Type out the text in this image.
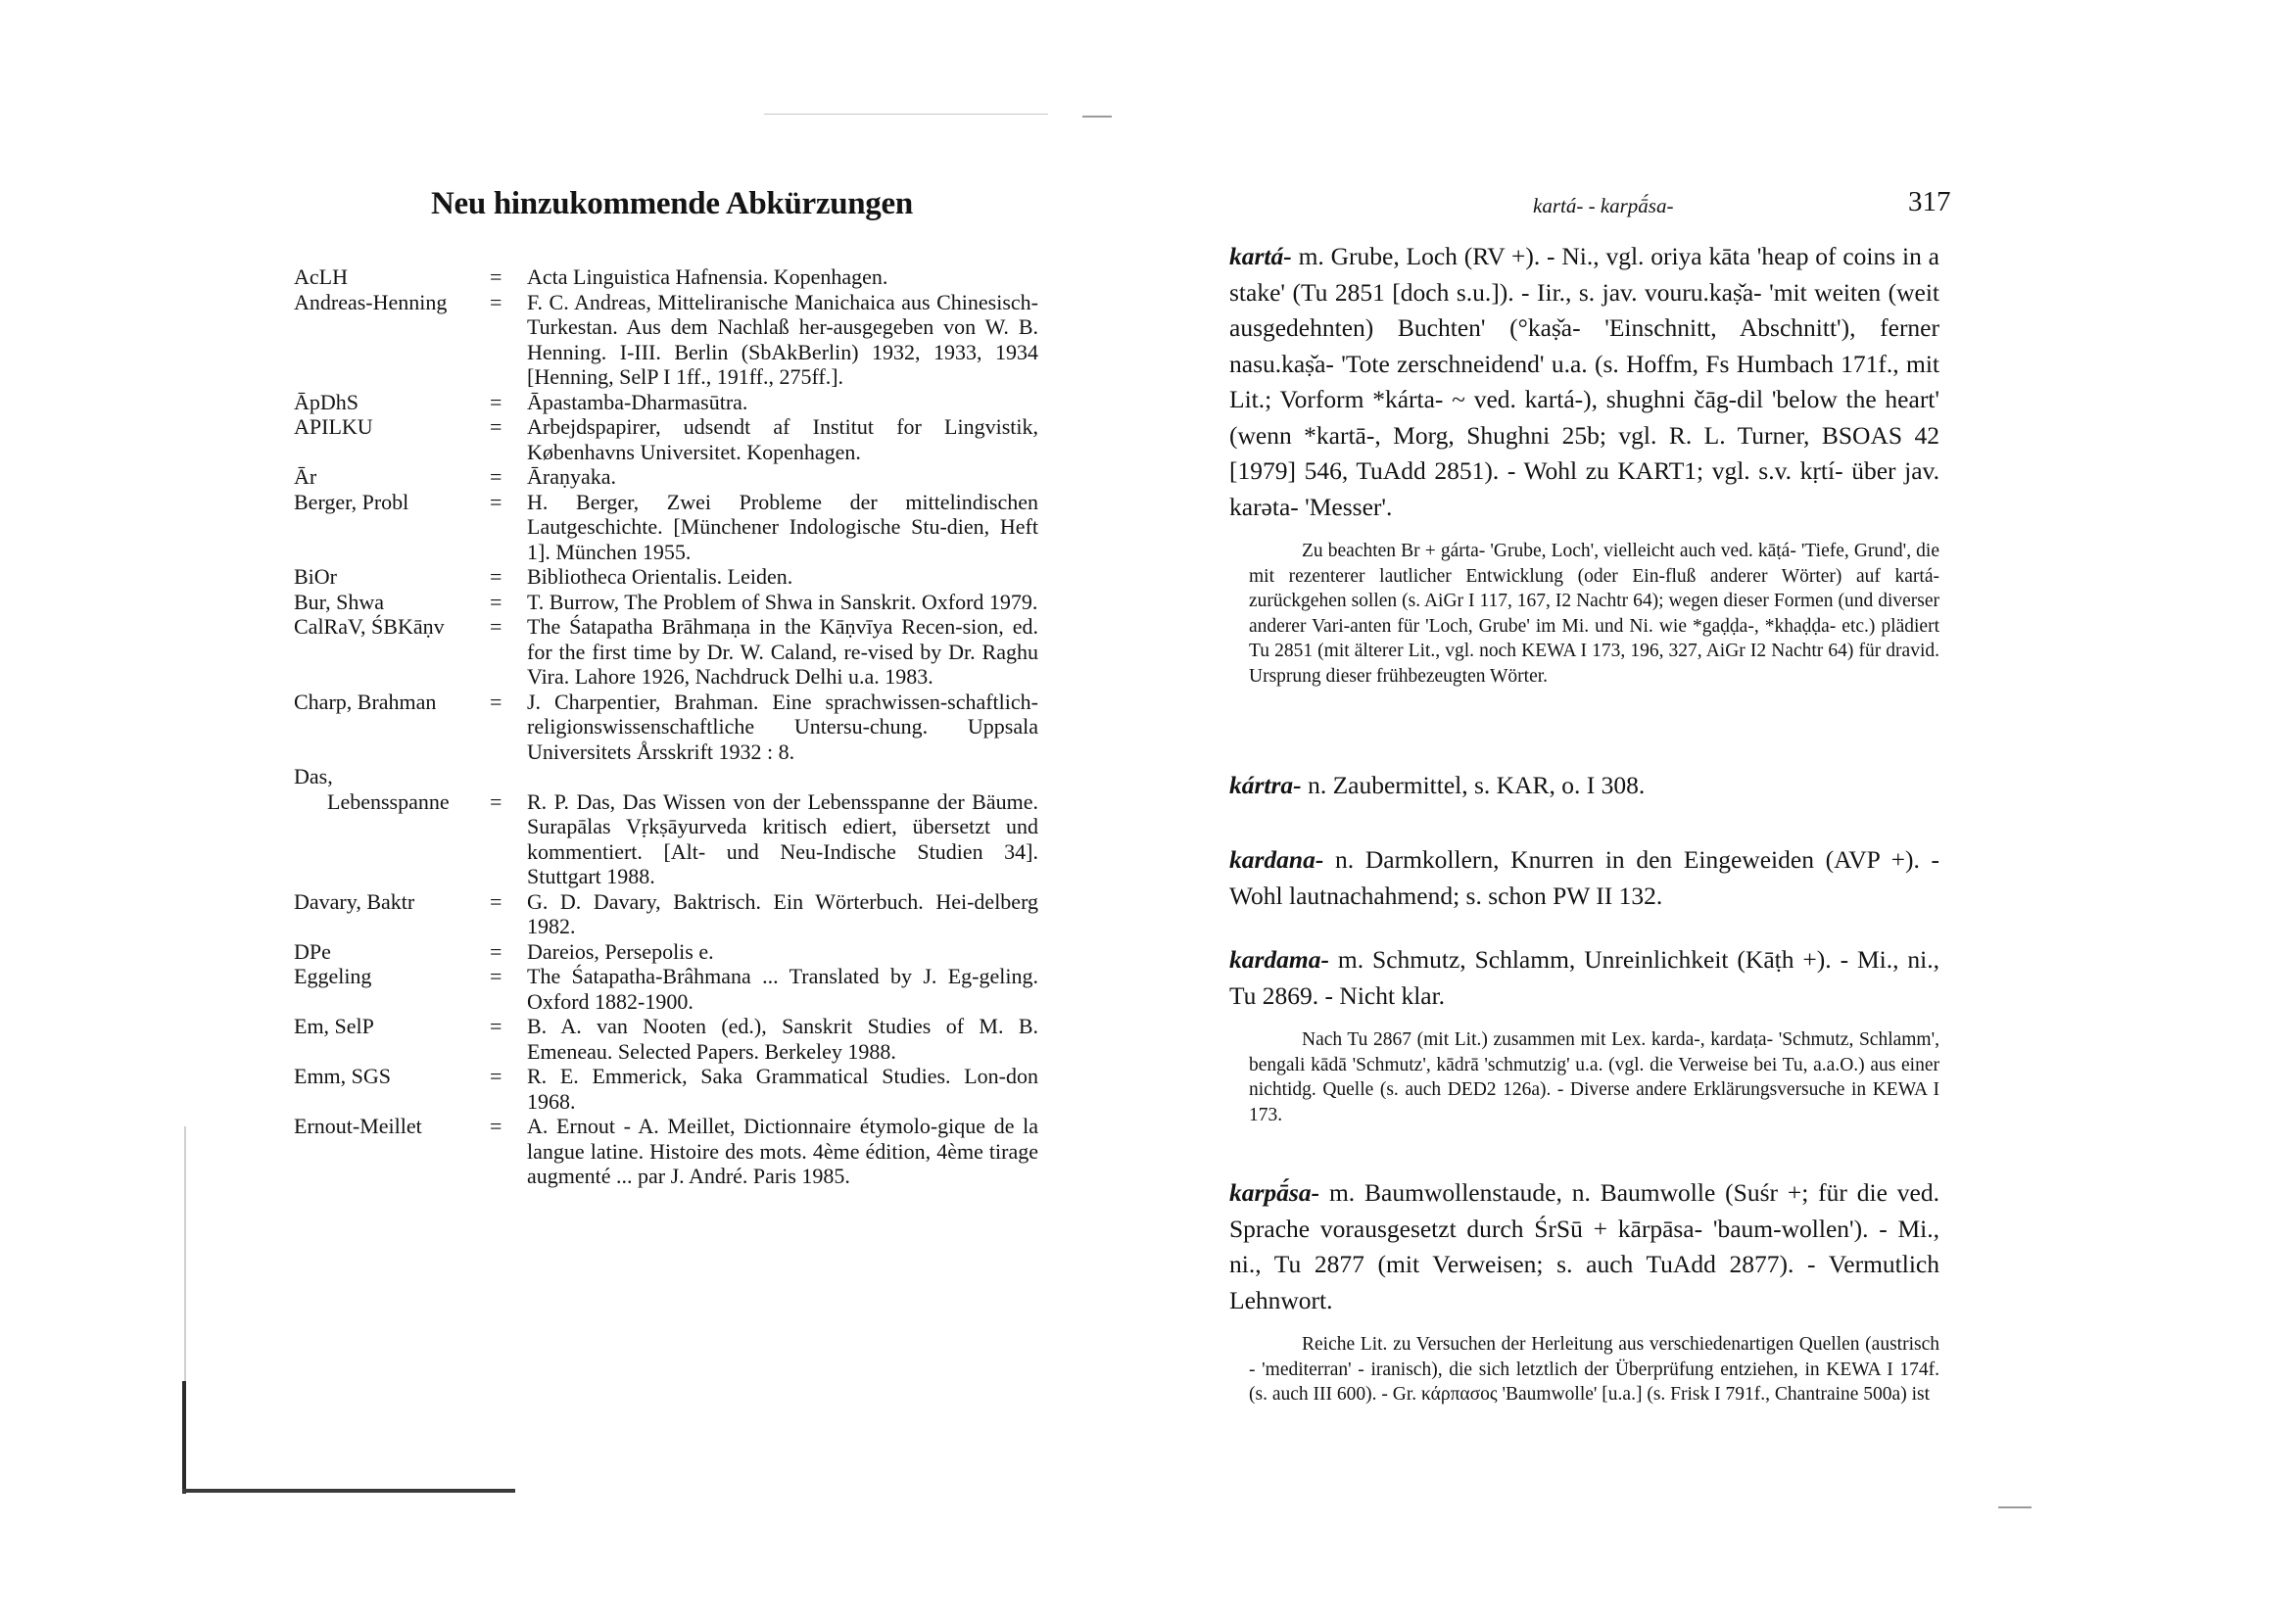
Neu hinzukommende Abkürzungen
AcLH	= Acta Linguistica Hafnensia. Kopenhagen.

Andreas-Henning = F. C. Andreas, Mitteliranische Manichaica aus Chinesisch-Turkestan. Aus dem Nachlaß her-ausgegeben von W. B. Henning. I-III. Berlin (SbAkBerlin) 1932, 1933, 1934 [Henning, SelP I 1ff., 191ff., 275ff.].

ĀpDhS	= Āpastamba-Dharmasūtra.

APILKU	= Arbejdspapirer, udsendt af Institut for Lingvistik, Københavns Universitet. Kopenhagen.

Ār	= Āraṇyaka.

Berger, Probl	= H. Berger, Zwei Probleme der mittelindischen Lautgeschichte. [Münchener Indologische Stu-dien, Heft 1]. München 1955.

BiOr	= Bibliotheca Orientalis. Leiden.

Bur, Shwa	= T. Burrow, The Problem of Shwa in Sanskrit. Oxford 1979.

CalRaV, ŚBKāṇv = The Śatapatha Brāhmaṇa in the Kāṇvīya Recen-sion, ed. for the first time by Dr. W. Caland, re-vised by Dr. Raghu Vira. Lahore 1926, Nachdruck Delhi u.a. 1983.

Charp, Brahman = J. Charpentier, Brahman. Eine sprachwissen-schaftlich-religionswissenschaftliche Untersu-chung. Uppsala Universitets Årsskrift 1932 : 8.

Das,
Lebensspanne = R. P. Das, Das Wissen von der Lebensspanne der Bäume. Surapālas Vṛkṣāyurveda kritisch ediert, übersetzt und kommentiert. [Alt- und Neu-Indische Studien 34]. Stuttgart 1988.

Davary, Baktr	= G. D. Davary, Baktrisch. Ein Wörterbuch. Hei-delberg 1982.

DPe	= Dareios, Persepolis e.

Eggeling	= The Śatapatha-Brâhmana ... Translated by J. Eg-geling. Oxford 1882-1900.

Em, SelP	= B. A. van Nooten (ed.), Sanskrit Studies of M. B. Emeneau. Selected Papers. Berkeley 1988.

Emm, SGS	= R. E. Emmerick, Saka Grammatical Studies. Lon-don 1968.

Ernout-Meillet	= A. Ernout - A. Meillet, Dictionnaire étymolo-gique de la langue latine. Histoire des mots. 4ème édition, 4ème tirage augmenté ... par J. André. Paris 1985.

kartá- - karpā́sa-	317

kartá- m. Grube, Loch (RV +). - Ni., vgl. oriya kāta 'heap of coins in a stake' (Tu 2851 [doch s.u.]). - Iir., s. jav. vouru.kaṣ̌a- 'mit weiten (weit ausgedehnten) Buchten' (°kaṣ̌a- 'Einschnitt, Abschnitt'), ferner nasu.kaṣ̌a- 'Tote zerschneidend' u.a. (s. Hoffm, Fs Humbach 171f., mit Lit.; Vorform *kárta- ~ ved. kartá-), shughni čāg-dil 'below the heart' (wenn *kartā-, Morg, Shughni 25b; vgl. R. L. Turner, BSOAS 42 [1979] 546, TuAdd 2851). - Wohl zu KART1; vgl. s.v. kṛtí- über jav. karəta- 'Messer'.

Zu beachten Br + gárta- 'Grube, Loch', vielleicht auch ved. kāṭá- 'Tiefe, Grund', die mit rezenterer lautlicher Entwicklung (oder Ein-fluß anderer Wörter) auf kartá- zurückgehen sollen (s. AiGr I 117, 167, I2 Nachtr 64); wegen dieser Formen (und diverser anderer Vari-anten für 'Loch, Grube' im Mi. und Ni. wie *gaḍḍa-, *khaḍḍa- etc.) plädiert Tu 2851 (mit älterer Lit., vgl. noch KEWA I 173, 196, 327, AiGr I2 Nachtr 64) für dravid. Ursprung dieser frühbezeugten Wörter.

kártra- n. Zaubermittel, s. KAR, o. I 308.

kardana- n. Darmkollern, Knurren in den Eingeweiden (AVP +). - Wohl lautnachahmend; s. schon PW II 132.

kardama- m. Schmutz, Schlamm, Unreinlichkeit (Kāṭh +). - Mi., ni., Tu 2869. - Nicht klar.

Nach Tu 2867 (mit Lit.) zusammen mit Lex. karda-, kardaṭa- 'Schmutz, Schlamm', bengali kādā 'Schmutz', kādrā 'schmutzig' u.a. (vgl. die Verweise bei Tu, a.a.O.) aus einer nichtidg. Quelle (s. auch DED2 126a). - Diverse andere Erklärungsversuche in KEWA I 173.

karpā́sa- m. Baumwollenstaude, n. Baumwolle (Suśr +; für die ved. Sprache vorausgesetzt durch ŚrSū + kārpāsa- 'baum-wollen'). - Mi., ni., Tu 2877 (mit Verweisen; s. auch TuAdd 2877). - Vermutlich Lehnwort.

Reiche Lit. zu Versuchen der Herleitung aus verschiedenartigen Quellen (austrisch - 'mediterran' - iranisch), die sich letztlich der Überprüfung entziehen, in KEWA I 174f. (s. auch III 600). - Gr. κάρπασος 'Baumwolle' [u.a.] (s. Frisk I 791f., Chantraine 500a) ist
